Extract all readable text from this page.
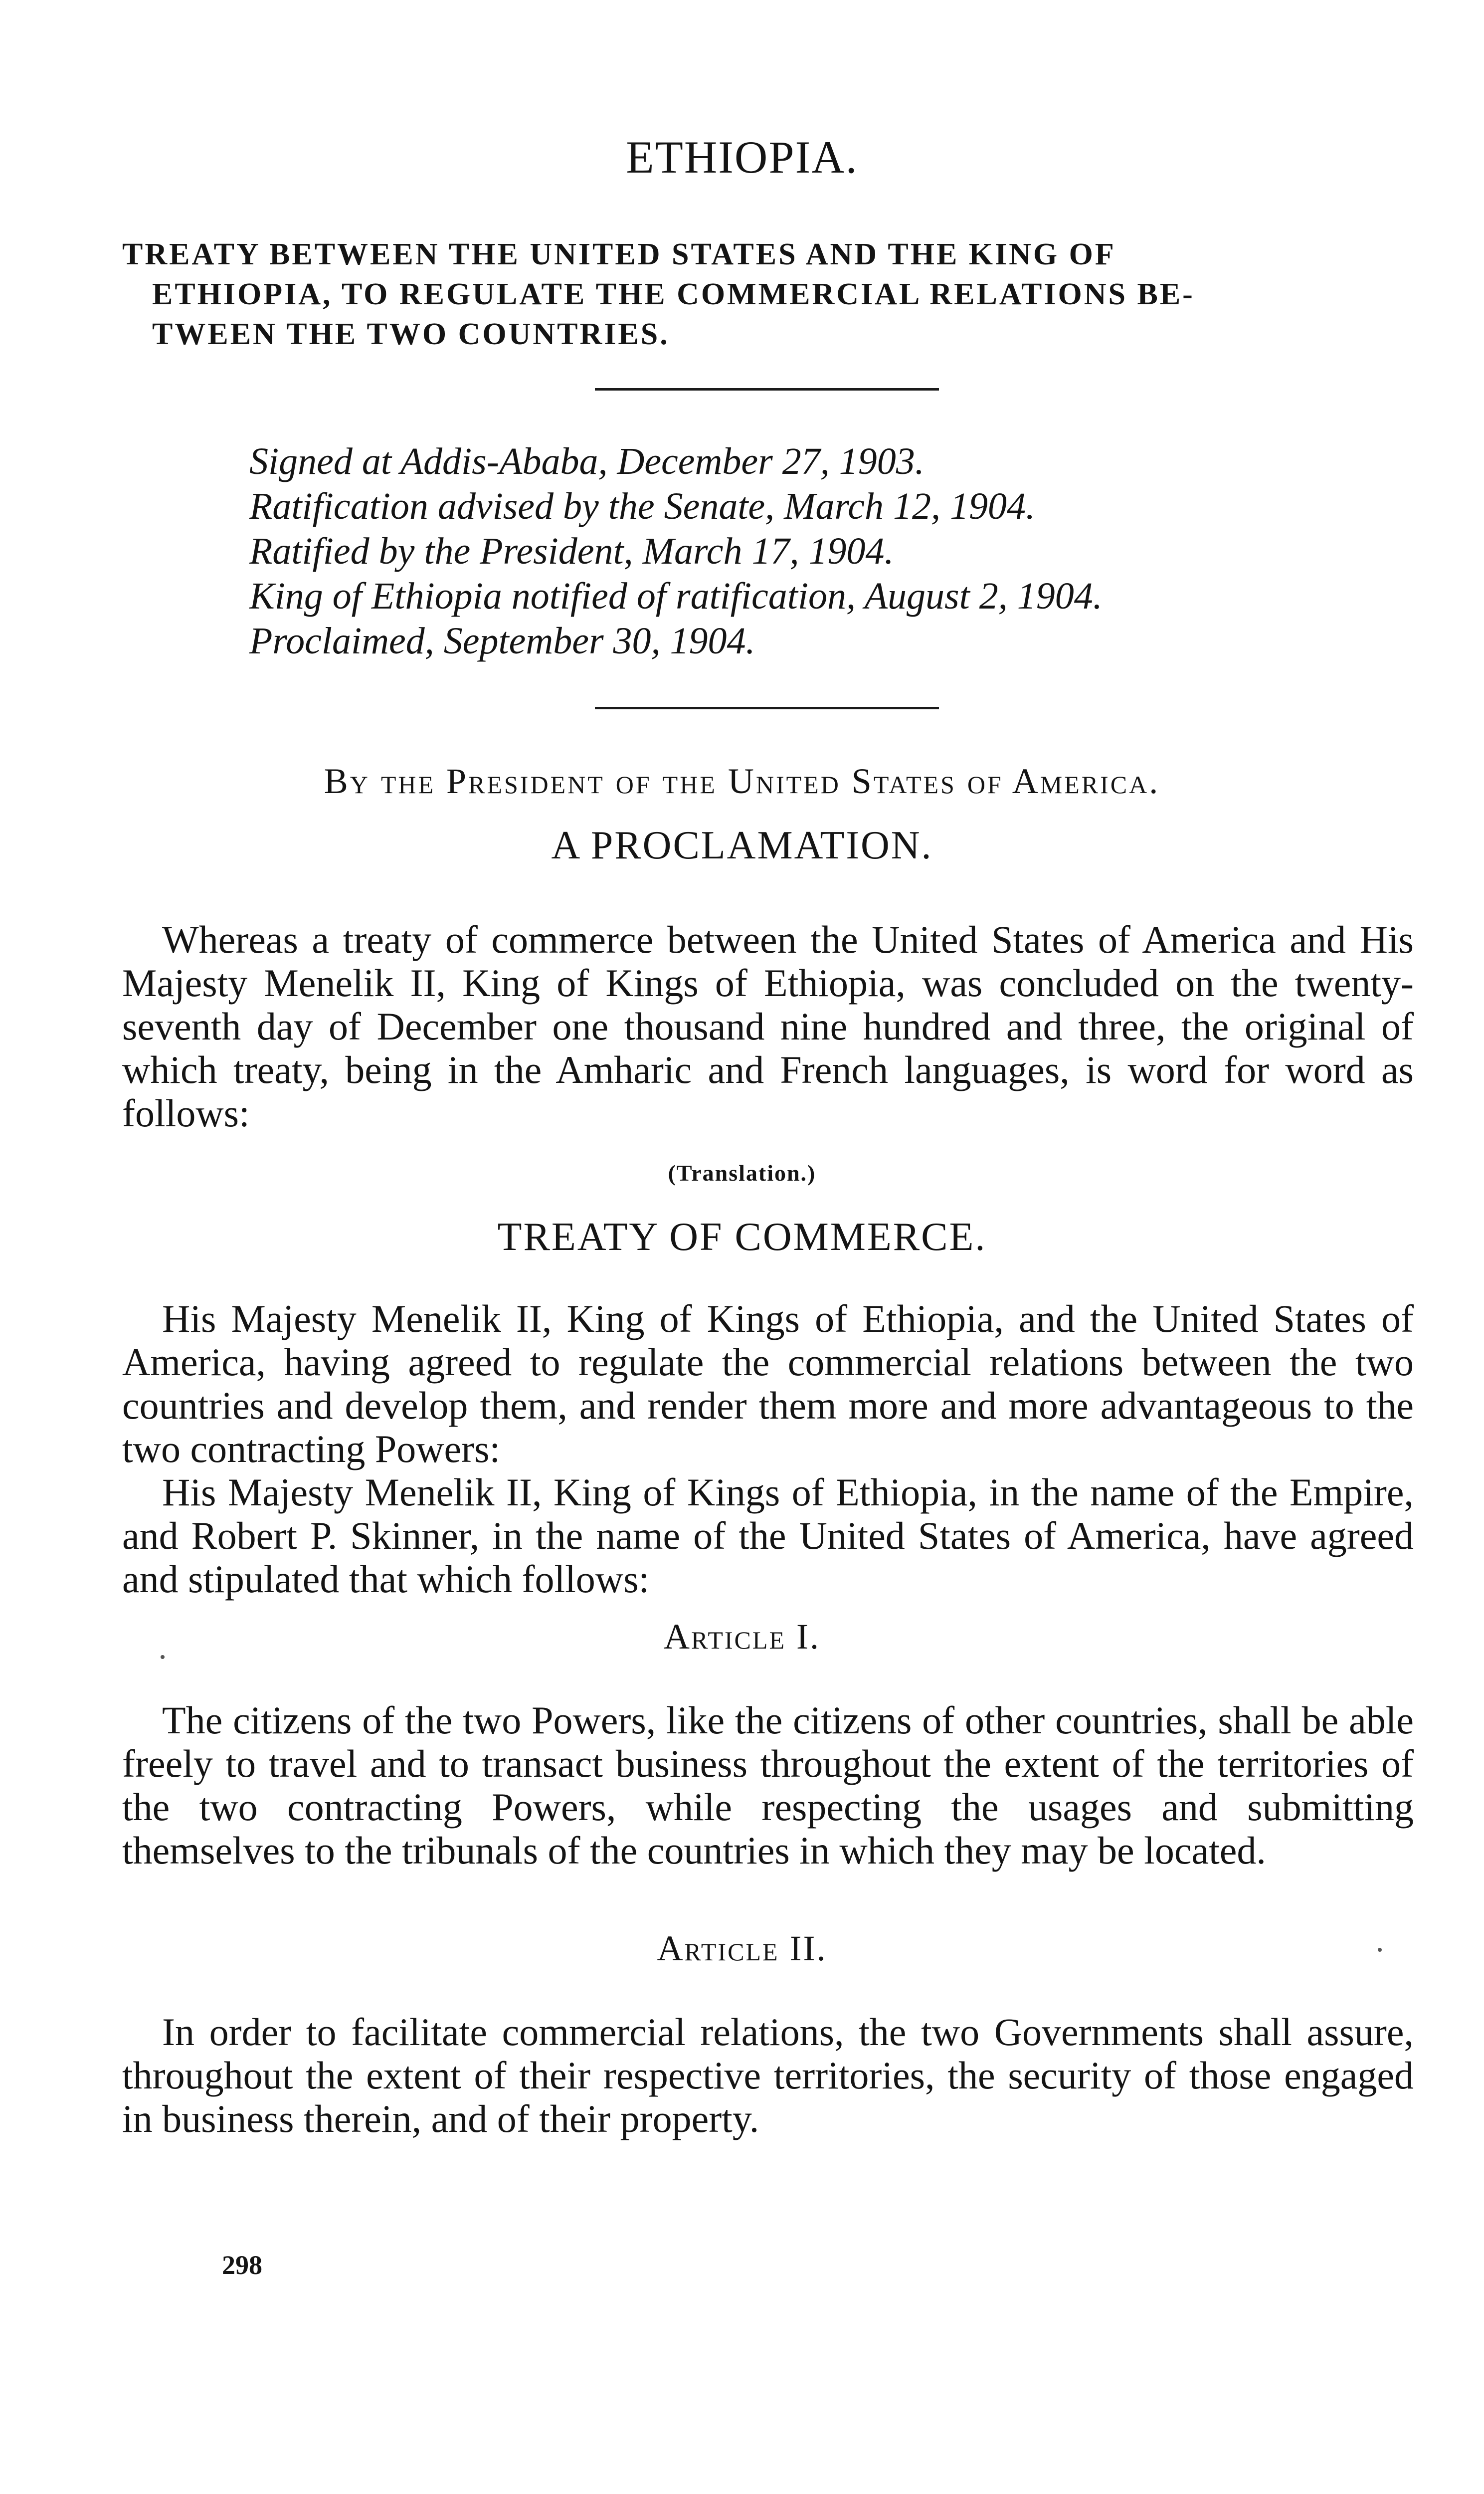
ETHIOPIA.
TREATY BETWEEN THE UNITED STATES AND THE KING OF
ETHIOPIA, TO REGULATE THE COMMERCIAL RELATIONS BE-
TWEEN THE TWO COUNTRIES.
Signed at Addis-Ababa, December 27, 1903.
Ratification advised by the Senate, March 12, 1904.
Ratified by the President, March 17, 1904.
King of Ethiopia notified of ratification, August 2, 1904.
Proclaimed, September 30, 1904.
By the President of the United States of America.
A PROCLAMATION.

Whereas a treaty of commerce between the United States of America and His Majesty Menelik II, King of Kings of Ethiopia, was concluded on the twenty-seventh day of December one thousand nine hundred and three, the original of which treaty, being in the Amharic and French languages, is word for word as follows:

(Translation.)
TREATY OF COMMERCE.

His Majesty Menelik II, King of Kings of Ethiopia, and the United States of America, having agreed to regulate the commercial relations between the two countries and develop them, and render them more and more advantageous to the two contracting Powers:

His Majesty Menelik II, King of Kings of Ethiopia, in the name of the Empire, and Robert P. Skinner, in the name of the United States of America, have agreed and stipulated that which follows:

Article I.

The citizens of the two Powers, like the citizens of other countries, shall be able freely to travel and to transact business throughout the extent of the territories of the two contracting Powers, while respecting the usages and submitting themselves to the tribunals of the countries in which they may be located.

Article II.

In order to facilitate commercial relations, the two Governments shall assure, throughout the extent of their respective territories, the security of those engaged in business therein, and of their property.

298
